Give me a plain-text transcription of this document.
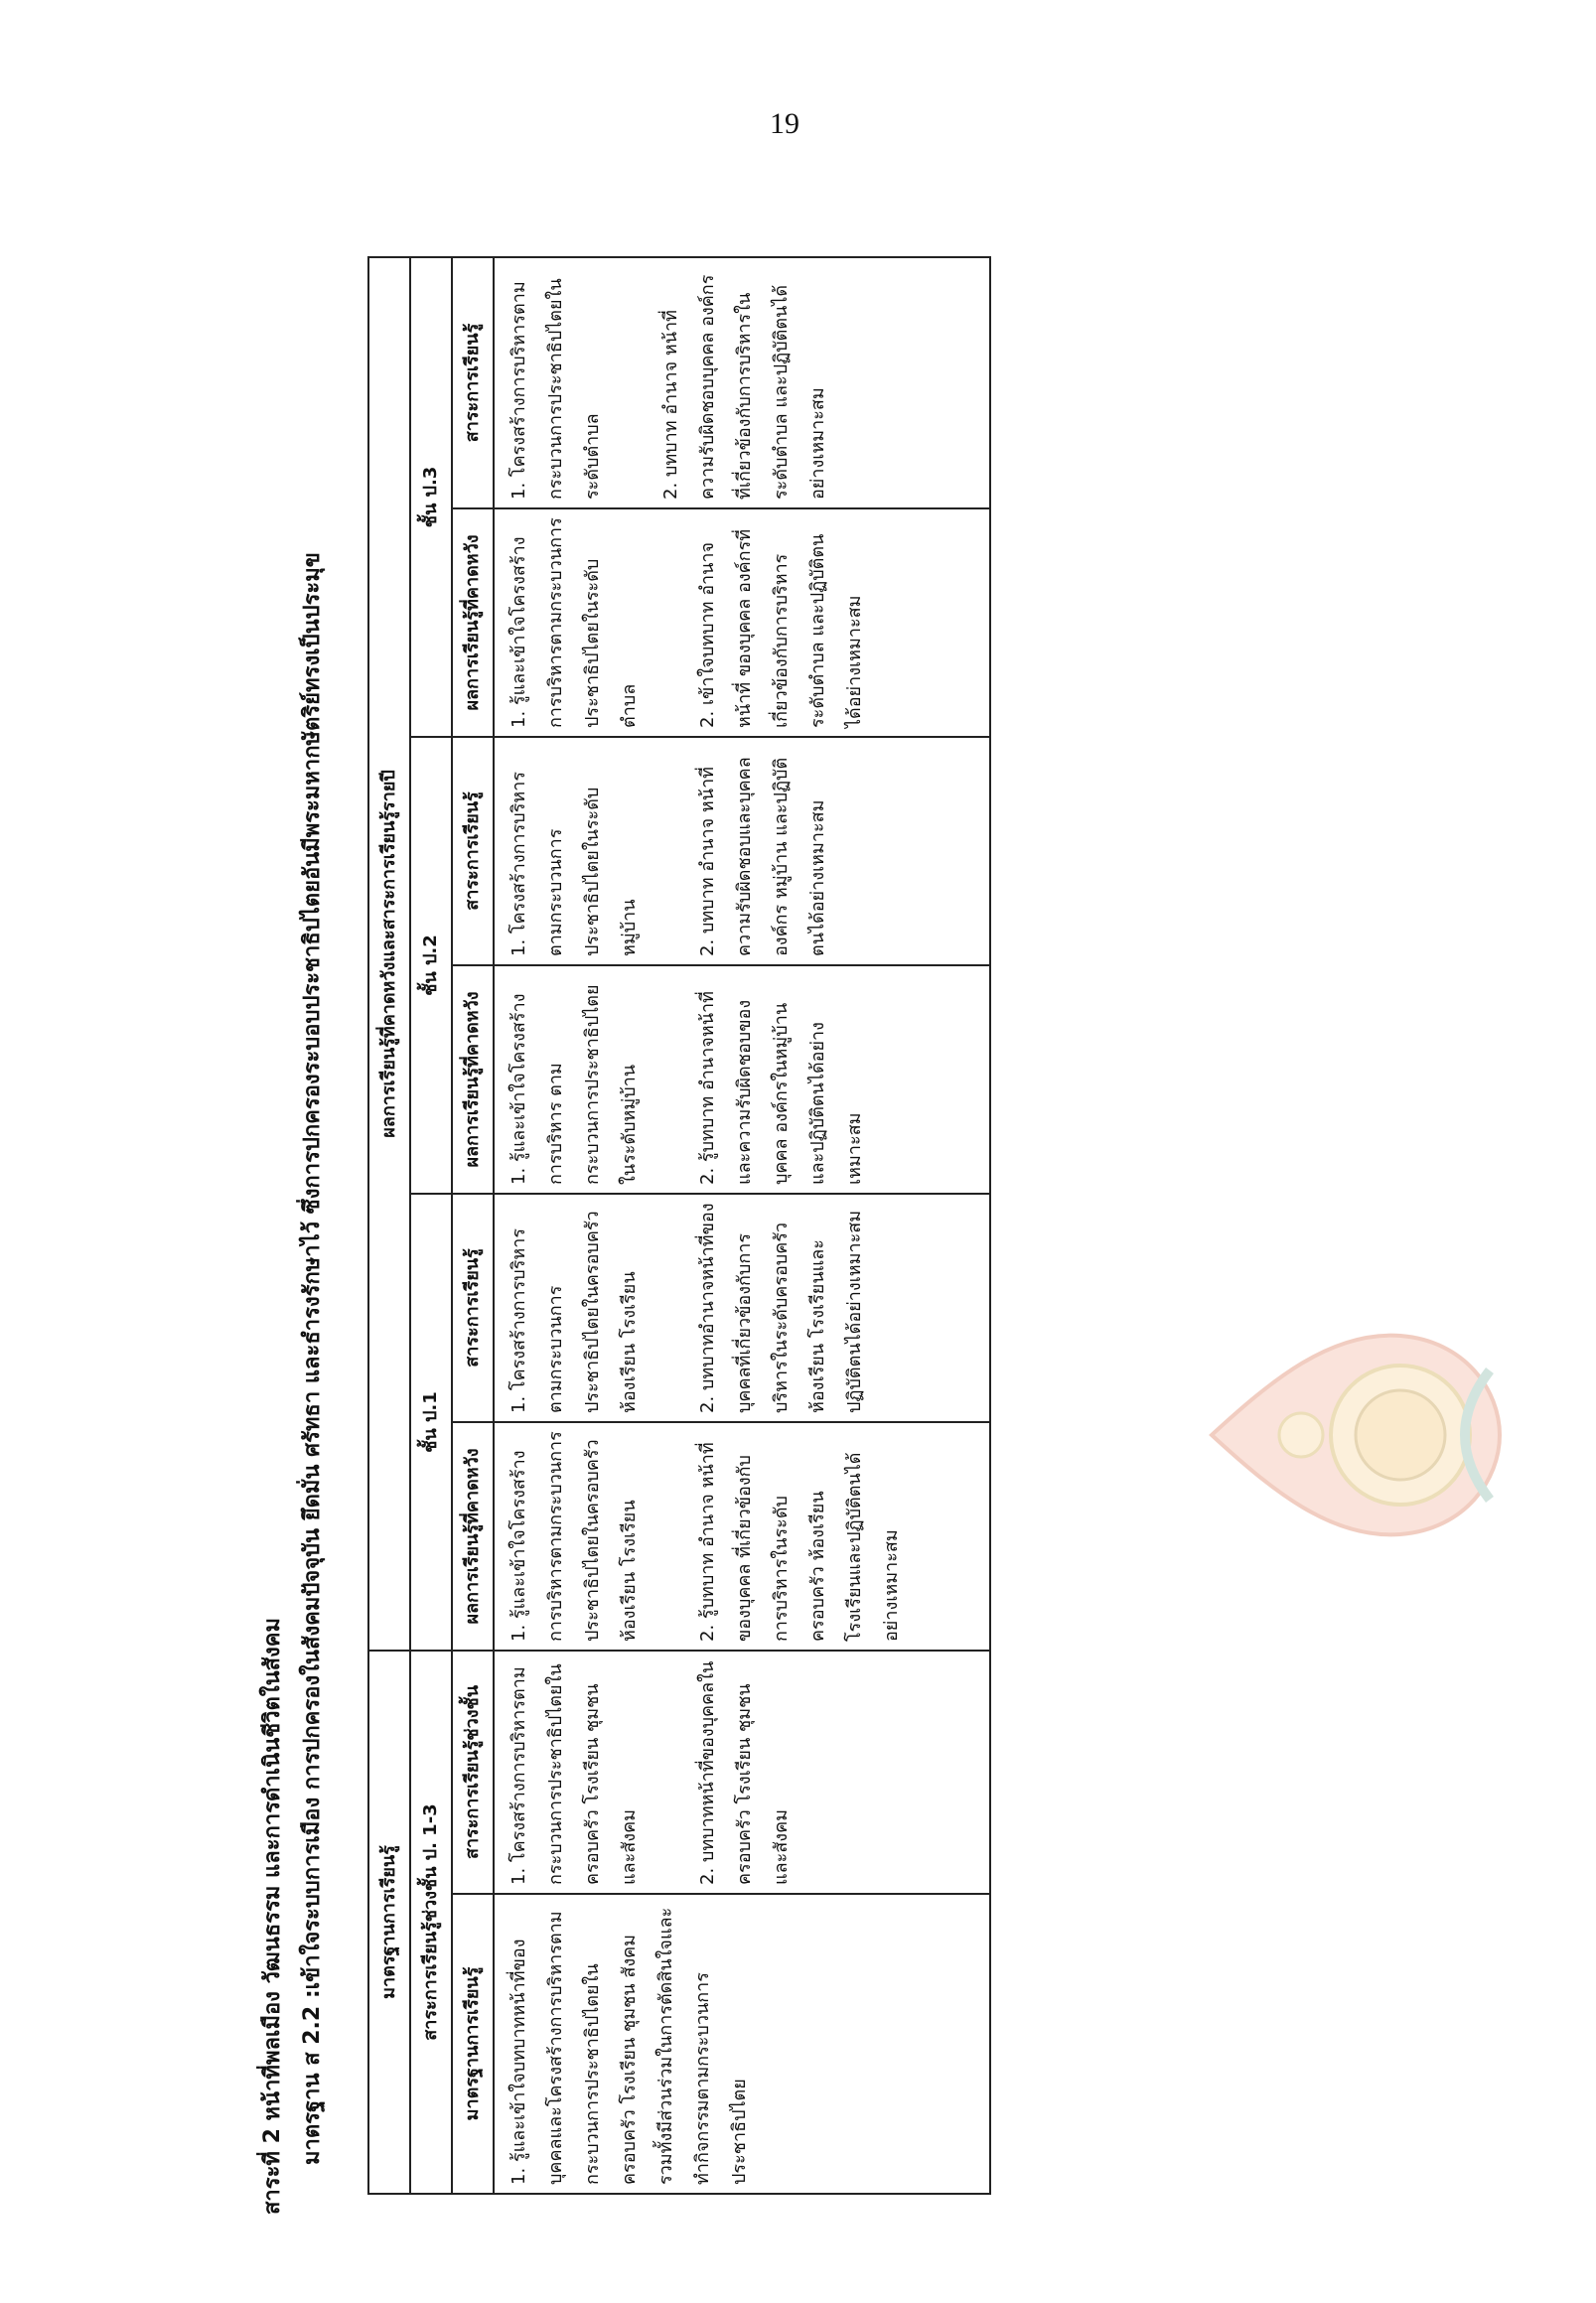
19
สาระที่ 2 หน้าที่พลเมือง วัฒนธรรม และการดำเนินชีวิตในสังคม มาตรฐาน ส 2.2 :เข้าใจระบบการเมือง การปกครองในสังคมปัจจุบัน ยึดมั่น ศรัทธา และธำรงรักษาไว้ ซึ่งการปกครองระบอบประชาธิปไตยอันมีพระมหากษัตริย์ทรงเป็นประมุข	มาตรฐานการเรียนรู้		ผลการเรียนรู้ที่คาดหวังและสาระการเรียนรู้รายปี					
สาระการเรียนรู้ช่วงชั้น ป. 1-3		ชั้น ป.1		ชั้น ป.2		ชั้น ป.3	
มาตรฐานการเรียนรู้	สาระการเรียนรู้ช่วงชั้น	ผลการเรียนรู้ที่คาดหวัง	สาระการเรียนรู้	ผลการเรียนรู้ที่คาดหวัง	สาระการเรียนรู้	ผลการเรียนรู้ที่คาดหวัง	สาระการเรียนรู้

1. รู้และเข้าใจบทบาทหน้าที่ของบุคคลและโครงสร้างการบริหารตามกระบวนการประชาธิปไตยในครอบครัว โรงเรียน ชุมชน สังคม รวมทั้งมีส่วนร่วมในการตัดสินใจและทำกิจกรรมตามกระบวนการประชาธิปไตย	1. โครงสร้างการบริหารตามกระบวนการประชาธิปไตยในครอบครัว โรงเรียน ชุมชน และสังคม 2. บทบาทหน้าที่ของบุคคลในครอบครัว โรงเรียน ชุมชนและสังคม	1. รู้และเข้าใจโครงสร้างการบริหารตามกระบวนการประชาธิปไตยในครอบครัว ห้องเรียน โรงเรียน 2. รู้บทบาท อำนาจ หน้าที่ของบุคคล ที่เกี่ยวข้องกับการบริหารในระดับครอบครัว ห้องเรียน โรงเรียนและปฏิบัติตนได้อย่างเหมาะสม	1. โครงสร้างการบริหารตามกระบวนการประชาธิปไตยในครอบครัว ห้องเรียน โรงเรียน 2. บทบาทอำนาจหน้าที่ของบุคคลที่เกี่ยวข้องกับการบริหารในระดับครอบครัวห้องเรียน โรงเรียนและปฏิบัติตนได้อย่างเหมาะสม	1. รู้และเข้าใจโครงสร้างการบริหาร ตามกระบวนการประชาธิปไตยในระดับหมู่บ้าน 2. รู้บทบาท อำนาจหน้าที่และความรับผิดชอบของบุคคล องค์กรในหมู่บ้าน และปฏิบัติตนได้อย่างเหมาะสม	1. โครงสร้างการบริหารตามกระบวนการประชาธิปไตยในระดับหมู่บ้าน 2. บทบาท อำนาจ หน้าที่ ความรับผิดชอบและบุคคล องค์กร หมู่บ้าน และปฏิบัติตนได้อย่างเหมาะสม	1. รู้และเข้าใจโครงสร้างการบริหารตามกระบวนการประชาธิปไตยในระดับตำบล 2. เข้าใจบทบาท อำนาจ หน้าที่ ของบุคคล องค์กรที่เกี่ยวข้องกับการบริหารระดับตำบล และปฏิบัติตนได้อย่างเหมาะสม	1. โครงสร้างการบริหารตามกระบวนการประชาธิปไตยในระดับตำบล 2. บทบาท อำนาจ หน้าที่ ความรับผิดชอบบุคคล องค์กร ที่เกี่ยวข้องกับการบริหารในระดับตำบล และปฏิบัติตนได้อย่างเหมาะสม
